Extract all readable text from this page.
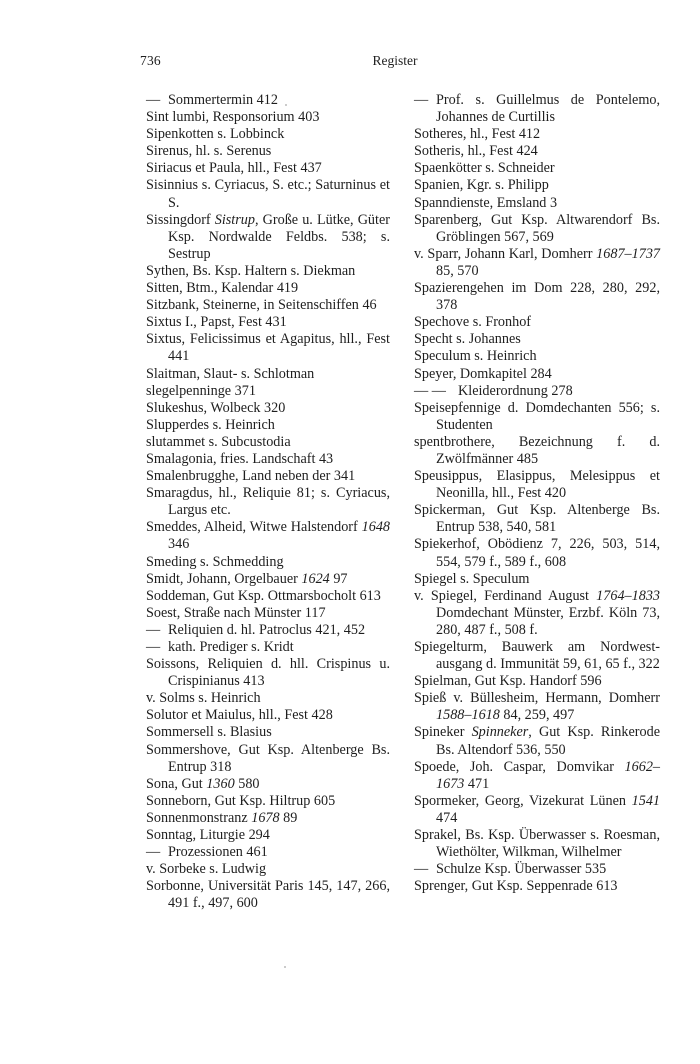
736	Register

— Sommertermin 412

Sint lumbi, Responsorium 403

Sipenkotten s. Lobbinck

Sirenus, hl. s. Serenus

Siriacus et Paula, hll., Fest 437

Sisinnius s. Cyriacus, S. etc.; Saturninus et S.

Sissingdorf Sistrup, Große u. Lütke, Güter Ksp. Nordwalde Feldbs. 538; s. Sestrup

Sythen, Bs. Ksp. Haltern s. Diekman

Sitten, Btm., Kalendar 419

Sitzbank, Steinerne, in Seitenschiffen 46

Sixtus I., Papst, Fest 431

Sixtus, Felicissimus et Agapitus, hll., Fest 441

Slaitman, Slaut- s. Schlotman

slegelpenninge 371

Slukeshus, Wolbeck 320

Slupperdes s. Heinrich

slutammet s. Subcustodia

Smalagonia, fries. Landschaft 43

Smalenbrugghe, Land neben der 341

Smaragdus, hl., Reliquie 81; s. Cyriacus, Largus etc.

Smeddes, Alheid, Witwe Halstendorf 1648 346

Smeding s. Schmedding

Smidt, Johann, Orgelbauer 1624 97

Soddeman, Gut Ksp. Ottmarsbocholt 613

Soest, Straße nach Münster 117

— Reliquien d. hl. Patroclus 421, 452

— kath. Prediger s. Kridt

Soissons, Reliquien d. hll. Crispinus u. Crispinianus 413

v. Solms s. Heinrich

Solutor et Maiulus, hll., Fest 428

Sommersell s. Blasius

Sommershove, Gut Ksp. Altenberge Bs. Entrup 318

Sona, Gut 1360 580

Sonneborn, Gut Ksp. Hiltrup 605

Sonnenmonstranz 1678 89

Sonntag, Liturgie 294

— Prozessionen 461

v. Sorbeke s. Ludwig

Sorbonne, Universität Paris 145, 147, 266, 491 f., 497, 600

— Prof. s. Guillelmus de Pontelemo, Johannes de Curtillis

Sotheres, hl., Fest 412

Sotheris, hl., Fest 424

Spaenkötter s. Schneider

Spanien, Kgr. s. Philipp

Spanndienste, Emsland 3

Sparenberg, Gut Ksp. Altwarendorf Bs. Gröblingen 567, 569

v. Sparr, Johann Karl, Domherr 1687–1737 85, 570

Spazierengehen im Dom 228, 280, 292, 378

Spechove s. Fronhof

Specht s. Johannes

Speculum s. Heinrich

Speyer, Domkapitel 284

— — Kleiderordnung 278

Speisepfennige d. Domdechanten 556; s. Studenten

spentbrothere, Bezeichnung f. d. Zwölfmänner 485

Speusippus, Elasippus, Melesippus et Neonilla, hll., Fest 420

Spickerman, Gut Ksp. Altenberge Bs. Entrup 538, 540, 581

Spiekerhof, Obödienz 7, 226, 503, 514, 554, 579 f., 589 f., 608

Spiegel s. Speculum

v. Spiegel, Ferdinand August 1764–1833 Domdechant Münster, Erzbf. Köln 73, 280, 487 f., 508 f.

Spiegelturm, Bauwerk am Nordwestausgang d. Immunität 59, 61, 65 f., 322

Spielman, Gut Ksp. Handorf 596

Spieß v. Büllesheim, Hermann, Domherr 1588–1618 84, 259, 497

Spineker Spinneker, Gut Ksp. Rinkerode Bs. Altendorf 536, 550

Spoede, Joh. Caspar, Domvikar 1662–1673 471

Spormeker, Georg, Vizekurat Lünen 1541 474

Sprakel, Bs. Ksp. Überwasser s. Roesman, Wiethölter, Wilkman, Wilhelmer

— Schulze Ksp. Überwasser 535

Sprenger, Gut Ksp. Seppenrade 613
